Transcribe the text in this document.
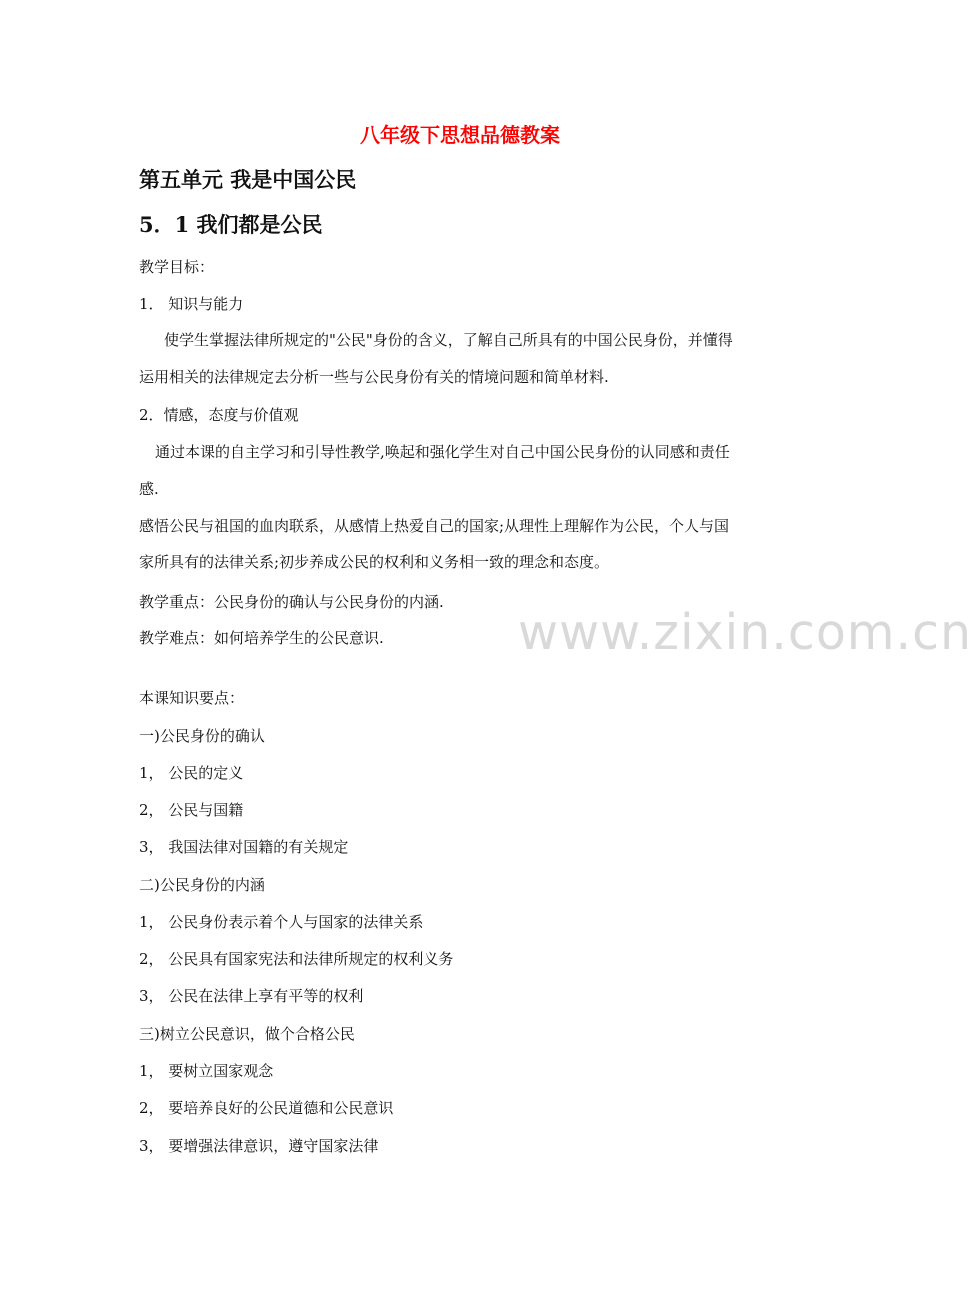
八年级下思想品德教案
第五单元 我是中国公民
5．1 我们都是公民
教学目标：
1． 知识与能力
使学生掌握法律所规定的"公民"身份的含义，了解自己所具有的中国公民身份，并懂得
运用相关的法律规定去分析一些与公民身份有关的情境问题和简单材料.
2．情感，态度与价值观
通过本课的自主学习和引导性教学,唤起和强化学生对自己中国公民身份的认同感和责任
感.
感悟公民与祖国的血肉联系，从感情上热爱自己的国家;从理性上理解作为公民，个人与国
家所具有的法律关系;初步养成公民的权利和义务相一致的理念和态度。
教学重点：公民身份的确认与公民身份的内涵.
教学难点：如何培养学生的公民意识.
本课知识要点：
一)公民身份的确认
1， 公民的定义
2， 公民与国籍
3， 我国法律对国籍的有关规定
二)公民身份的内涵
1， 公民身份表示着个人与国家的法律关系
2， 公民具有国家宪法和法律所规定的权利义务
3， 公民在法律上享有平等的权利
三)树立公民意识，做个合格公民
1， 要树立国家观念
2， 要培养良好的公民道德和公民意识
3， 要增强法律意识，遵守国家法律
www.zixin.com.cn
